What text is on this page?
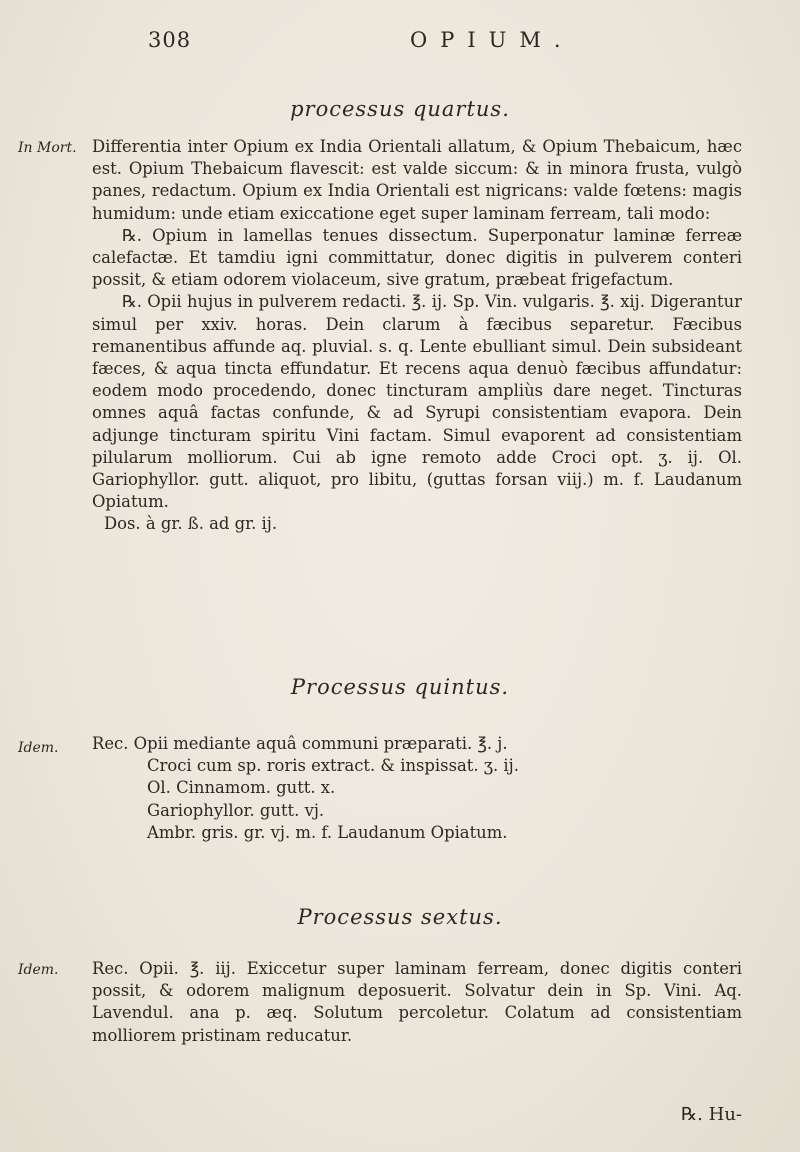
308	OPIUM.
processus quartus.
In Mort. Differentia inter Opium ex India Orientali allatum, & Opium Thebaicum, hæc est. Opium Thebaicum flavescit: est valde siccum: & in minora frusta, vulgò panes, redactum. Opium ex India Orientali est nigricans: valde fœtens: magis humidum: unde etiam exiccatione eget super laminam ferream, tali modo:

℞. Opium in lamellas tenues dissectum. Superponatur laminæ ferreæ calefactæ. Et tamdiu igni committatur, donec digitis in pulverem conteri possit, & etiam odorem violaceum, sive gratum, præbeat frigefactum.

℞. Opii hujus in pulverem redacti. ℥. ij. Sp. Vin. vulgaris. ℥. xij. Digerantur simul per xxiv. horas. Dein clarum à fæcibus separetur. Fæcibus remanentibus affunde aq. pluvial. s. q. Lente ebulliant simul. Dein subsideant fæces, & aqua tincta effundatur. Et recens aqua denuò fæcibus affundatur: eodem modo procedendo, donec tincturam ampliùs dare neget. Tincturas omnes aquâ factas confunde, & ad Syrupi consistentiam evapora. Dein adjunge tincturam spiritu Vini factam. Simul evaporent ad consistentiam pilularum molliorum. Cui ab igne remoto adde Croci opt. ʒ. ij. Ol. Gariophyllor. gutt. aliquot, pro libitu, (guttas forsan viij.) m. f. Laudanum Opiatum.

Dos. à gr. ß. ad gr. ij.

Processus quintus.
Idem.	Rec. Opii mediante aquâ communi præparati. ℥. j.

Croci cum sp. roris extract. & inspissat. ʒ. ij.

Ol. Cinnamom. gutt. x.

Gariophyllor. gutt. vj.

Ambr. gris. gr. vj. m. f. Laudanum Opiatum.

Processus sextus.
Idem.	Rec. Opii. ℥. iij. Exiccetur super laminam ferream, donec digitis conteri possit, & odorem malignum deposuerit. Solvatur dein in Sp. Vini. Aq. Lavendul. ana p. æq. Solutum percoletur. Colatum ad consistentiam molliorem pristinam reducatur.

℞. Hu-
